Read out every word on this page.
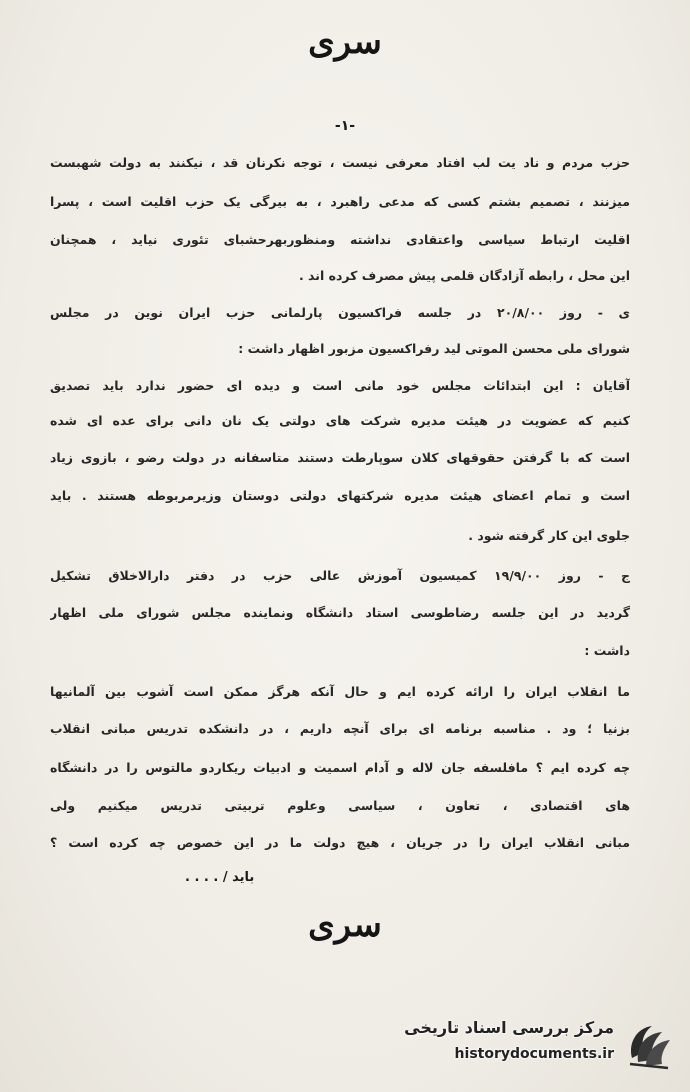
سری
-۱-
حزب مردم و ناد یت لب افتاد معرفی نیست ، توجه نکرنان قد ، نیکنند به دولت شهبست
میزنند ، تصمیم بشتم کسی که مدعی راهبرد ، به بیرگی یک حزب اقلیت است ، پسرا
اقلیت ارتباط سیاسی واعتقادی نداشته ومنظوربهرحشبای تئوری نیاید ، همچنان
این محل ، رابطه آزادگان قلمی پیش مصرف کرده اند .
ی - روز ۲۰/۸/۰۰ در جلسه فراکسیون پارلمانی حزب ایران نوین در مجلس
شورای ملی محسن الموتی لید رفراکسیون مزبور اظهار داشت :
آقایان : این ابتدائات مجلس خود مانی است و دیده ای حضور ندارد باید تصدیق
کنیم که عضویت در هیئت مدیره شرکت های دولتی یک نان دانی برای عده ای شده
است که با گرفتن حقوقهای کلان سوپارطت دستند متاسفانه در دولت رضو ، بازوی زیاد
است و تمام اعضای هیئت مدیره شرکتهای دولتی دوستان وزیرمربوطه هستند . باید
جلوی این کار گرفته شود .
ج - روز ۱۹/۹/۰۰ کمیسیون آموزش عالی حزب در دفتر دارالاخلاق تشکیل
گردید در این جلسه رضاطوسی استاد دانشگاه ونماینده مجلس شورای ملی اظهار
داشت :
ما انقلاب ایران را ارائه کرده ایم و حال آنکه هرگز ممکن است آشوب بین آلمانیها
بزنیا ؛ ود . مناسبه برنامه ای برای آنچه داریم ، در دانشکده تدریس مبانی انقلاب
چه کرده ایم ؟ مافلسفه جان لاله و آدام اسمیت و ادبیات ریکاردو مالتوس را در دانشگاه
های اقتصادی ، تعاون ، سیاسی وعلوم تربیتی تدریس میکنیم ولی
مبانی انقلاب ایران را در جریان ، هیچ دولت ما در این خصوص چه کرده است ؟
باید / . . . .
سری
مرکز بررسی اسناد تاریخی
historydocuments.ir
